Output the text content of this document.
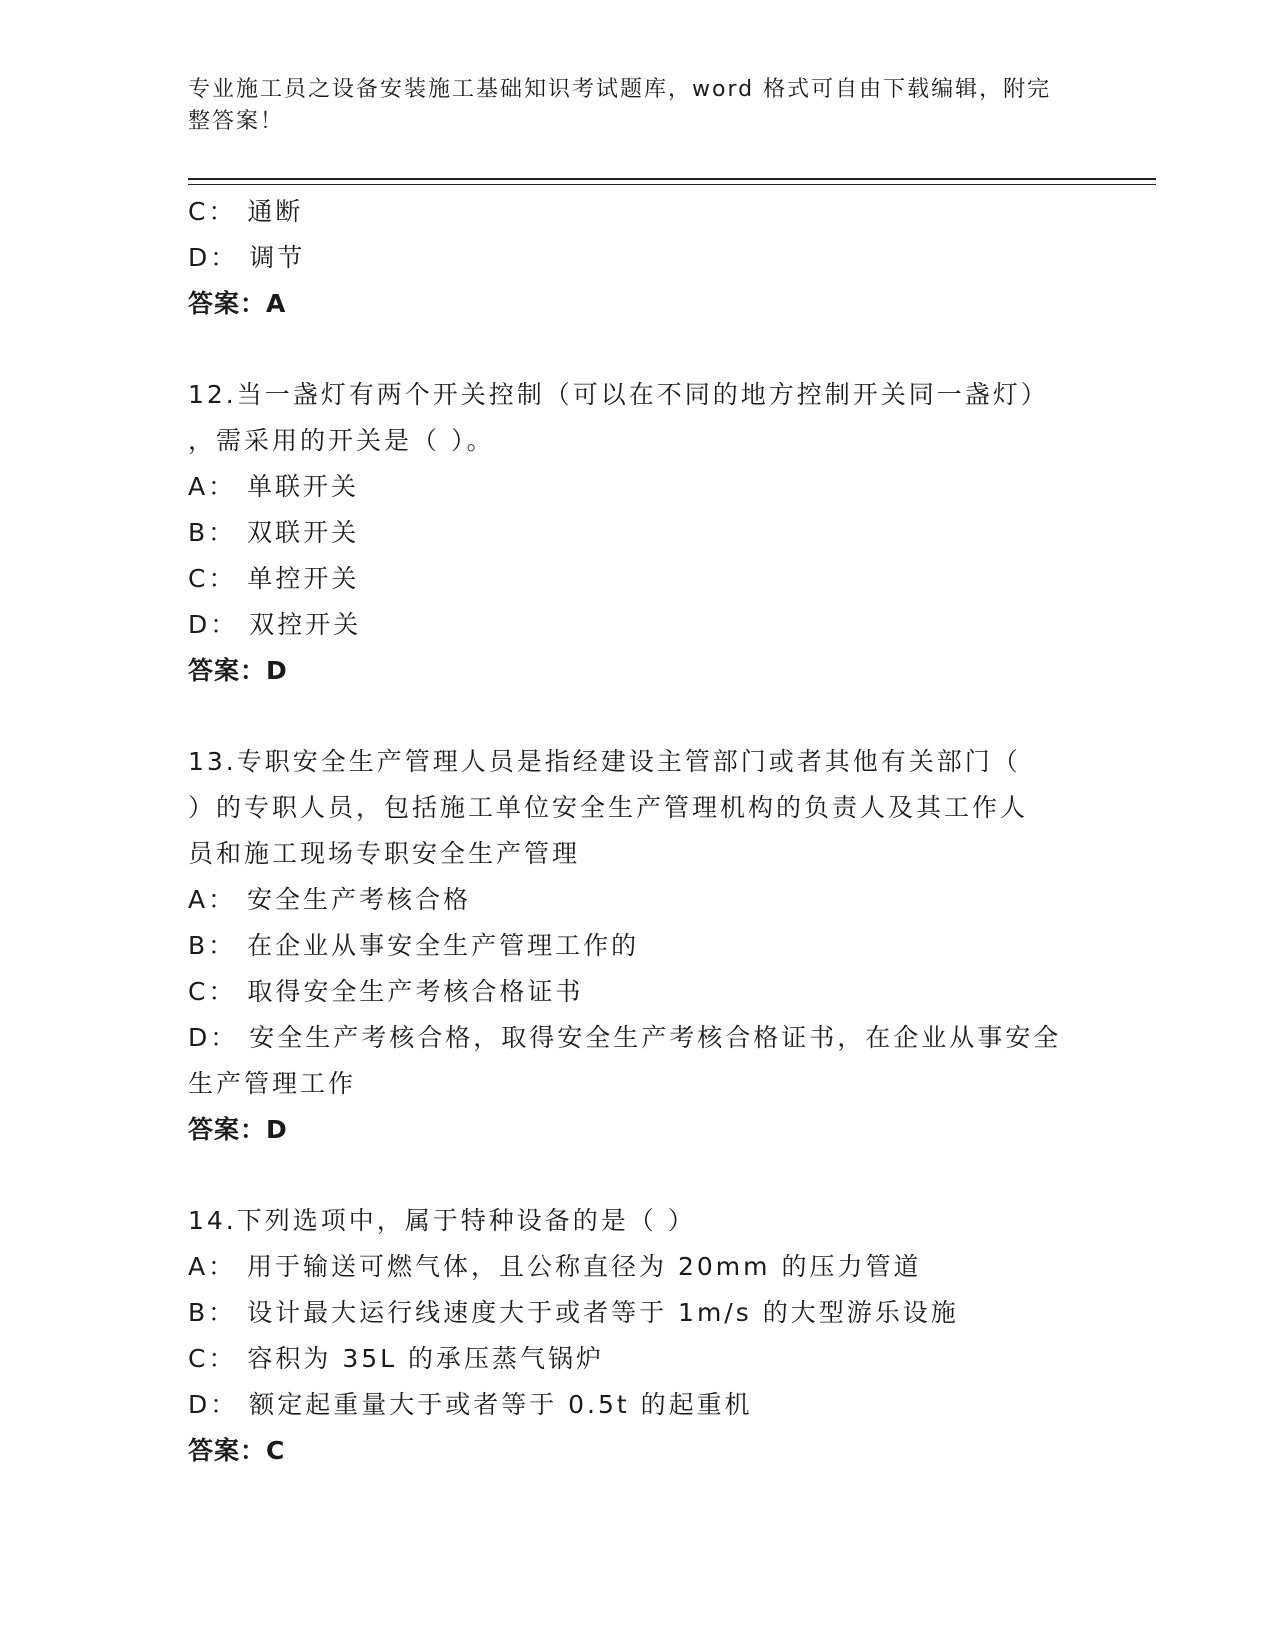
专业施工员之设备安装施工基础知识考试题库，word 格式可自由下载编辑，附完
整答案！
C： 通断
D： 调节
答案：A
12.当一盏灯有两个开关控制（可以在不同的地方控制开关同一盏灯）
，需采用的开关是（ ）。
A： 单联开关
B： 双联开关
C： 单控开关
D： 双控开关
答案：D
13.专职安全生产管理人员是指经建设主管部门或者其他有关部门（
）的专职人员，包括施工单位安全生产管理机构的负责人及其工作人
员和施工现场专职安全生产管理
A： 安全生产考核合格
B： 在企业从事安全生产管理工作的
C： 取得安全生产考核合格证书
D： 安全生产考核合格，取得安全生产考核合格证书，在企业从事安全
生产管理工作
答案：D
14.下列选项中，属于特种设备的是（ ）
A： 用于输送可燃气体，且公称直径为 20mm 的压力管道
B： 设计最大运行线速度大于或者等于 1m/s 的大型游乐设施
C： 容积为 35L 的承压蒸气锅炉
D： 额定起重量大于或者等于 0.5t 的起重机
答案：C
